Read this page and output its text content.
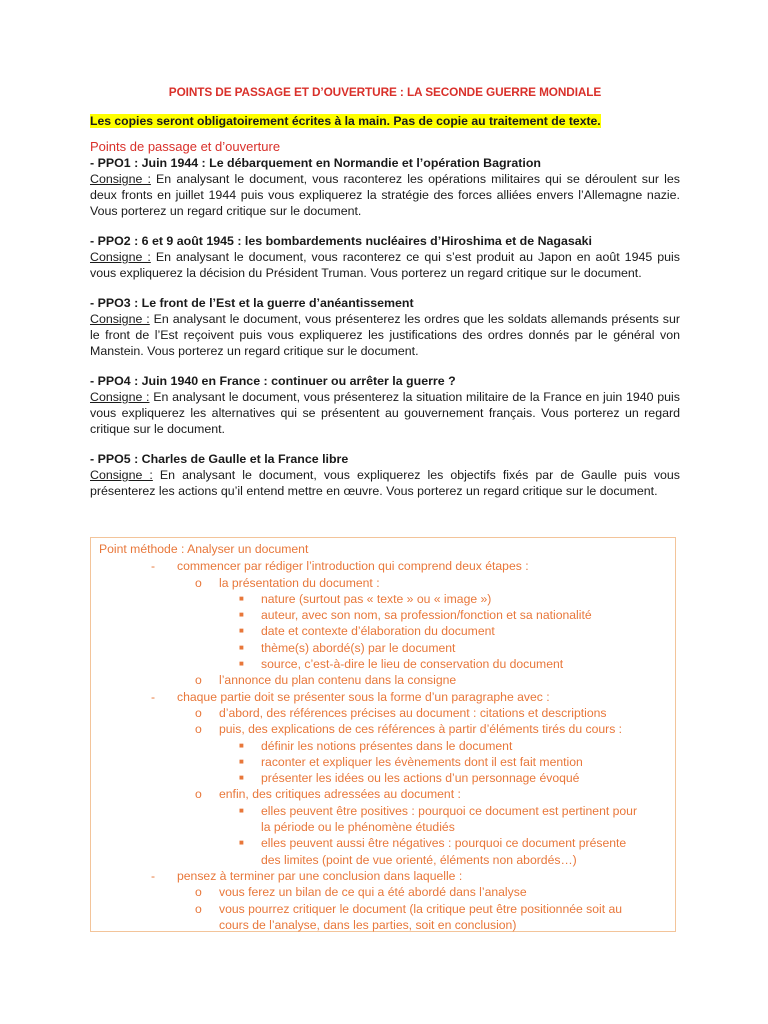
POINTS DE PASSAGE ET D’OUVERTURE : LA SECONDE GUERRE MONDIALE

Les copies seront obligatoirement écrites à la main. Pas de copie au traitement de texte.

Points de passage et d’ouverture

- PPO1 : Juin 1944 : Le débarquement en Normandie et l’opération Bagration

Consigne : En analysant le document, vous raconterez les opérations militaires qui se déroulent sur les deux fronts en juillet 1944 puis vous expliquerez la stratégie des forces alliées envers l’Allemagne nazie. Vous porterez un regard critique sur le document.

- PPO2 : 6 et 9 août 1945 : les bombardements nucléaires d’Hiroshima et de Nagasaki

Consigne : En analysant le document, vous raconterez ce qui s’est produit au Japon en août 1945 puis vous expliquerez la décision du Président Truman. Vous porterez un regard critique sur le document.

- PPO3 : Le front de l’Est et la guerre d’anéantissement

Consigne : En analysant le document, vous présenterez les ordres que les soldats allemands présents sur le front de l’Est reçoivent puis vous expliquerez les justifications des ordres donnés par le général von Manstein. Vous porterez un regard critique sur le document.

- PPO4 : Juin 1940 en France : continuer ou arrêter la guerre ?

Consigne : En analysant le document, vous présenterez la situation militaire de la France en juin 1940 puis vous expliquerez les alternatives qui se présentent au gouvernement français. Vous porterez un regard critique sur le document.

- PPO5 : Charles de Gaulle et la France libre

Consigne : En analysant le document, vous expliquerez les objectifs fixés par de Gaulle puis vous présenterez les actions qu’il entend mettre en œuvre. Vous porterez un regard critique sur le document.

Point méthode : Analyser un document

- commencer par rédiger l’introduction qui comprend deux étapes :
o la présentation du document :
■ nature (surtout pas « texte » ou « image »)
■ auteur, avec son nom, sa profession/fonction et sa nationalité
■ date et contexte d’élaboration du document
■ thème(s) abordé(s) par le document
■ source, c’est-à-dire le lieu de conservation du document
o l’annonce du plan contenu dans la consigne
- chaque partie doit se présenter sous la forme d’un paragraphe avec :
o d’abord, des références précises au document : citations et descriptions
o puis, des explications de ces références à partir d’éléments tirés du cours :
■ définir les notions présentes dans le document
■ raconter et expliquer les évènements dont il est fait mention
■ présenter les idées ou les actions d’un personnage évoqué
o enfin, des critiques adressées au document :
■ elles peuvent être positives : pourquoi ce document est pertinent pour
la période ou le phénomène étudiés
■ elles peuvent aussi être négatives : pourquoi ce document présente
des limites (point de vue orienté, éléments non abordés…)
- pensez à terminer par une conclusion dans laquelle :
o vous ferez un bilan de ce qui a été abordé dans l’analyse
o vous pourrez critiquer le document (la critique peut être positionnée soit au
cours de l’analyse, dans les parties, soit en conclusion)
